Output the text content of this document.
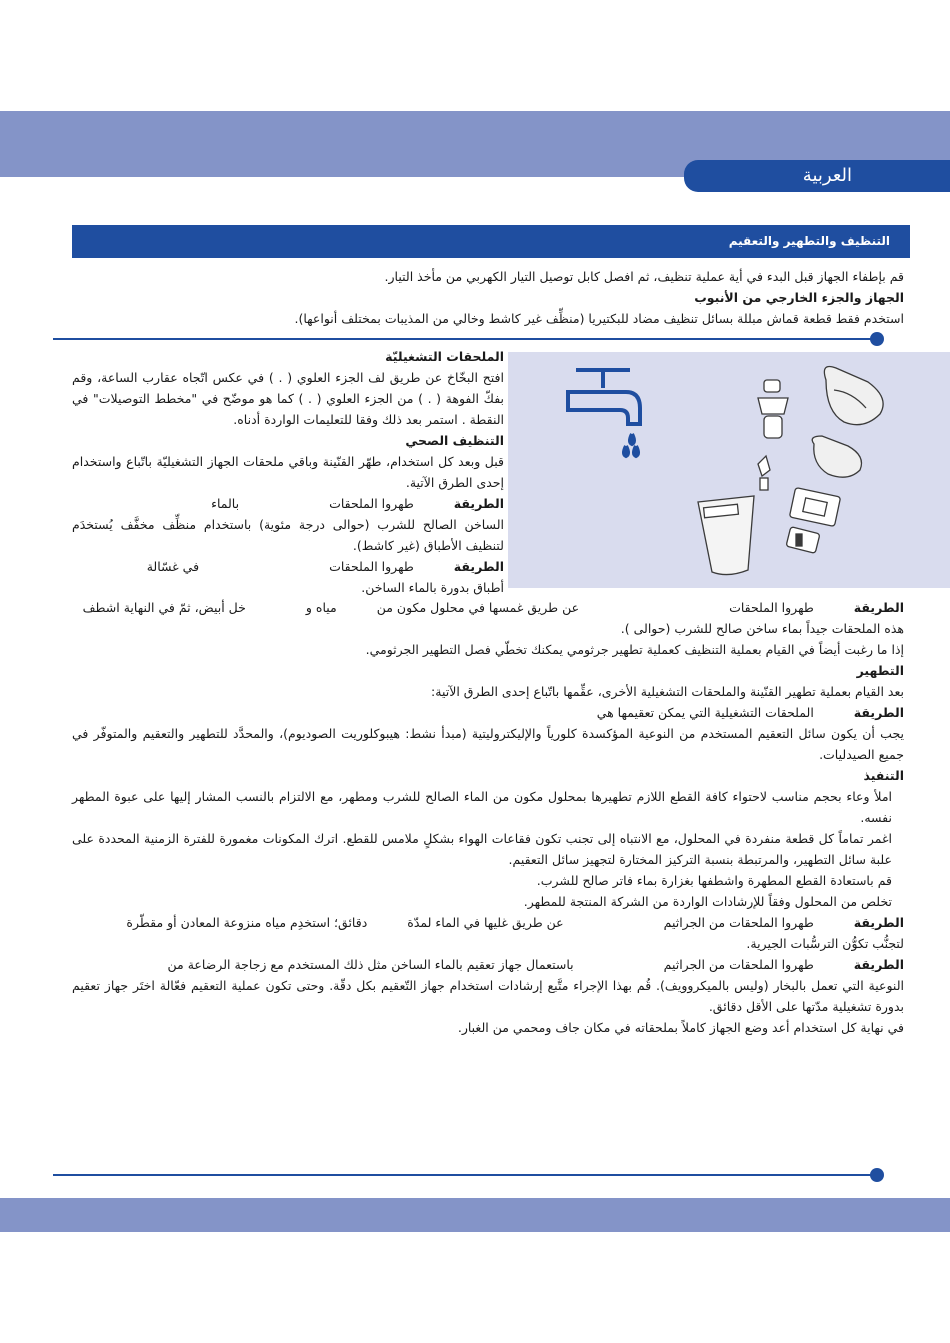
العربية
التنظيف والتطهير والتعقيم

قم بإطفاء الجهاز قبل البدء في أية عملية تنظيف، ثم افصل كابل توصيل التيار الكهربي من مأخذ التيار.

الجهاز والجزء الخارجي من الأنبوب

استخدم فقط قطعة قماش مبللة بسائل تنظيف مضاد للبكتيريا (منظِّف غير كاشط وخالي من المذيبات بمختلف أنواعها).

الملحقات التشغيليّة

افتح البخّاخ عن طريق لف الجزء العلوي ( . ) في عكس اتّجاه عقارب الساعة، وقم بفكّ الفوهة ( . ) من الجزء العلوي ( . ) كما هو موضّح في "مخطط التوصيلات" في النقطة . استمر بعد ذلك وفقا للتعليمات الواردة أدناه.

التنظيف الصحي

قبل وبعد كل استخدام، طهّر القنّينة وباقي ملحقات الجهاز التشغيليّة باتّباع واستخدام إحدى الطرق الآتية.

الطريقةطهروا الملحقاتبالماء

الساخن الصالح للشرب (حوالى درجة مئوية) باستخدام منظِّف مخفَّف يُستخدَم لتنظيف الأطباق (غير كاشط).

الطريقةطهروا الملحقاتفي غسّالة

أطباق بدورة بالماء الساخن.

الطريقةطهروا الملحقاتعن طريق غمسها في محلول مكون منمياه وخل أبيض، ثمّ في النهاية اشطف

هذه الملحقات جيداً بماء ساخن صالح للشرب (حوالى ).

إذا ما رغبت أيضاً في القيام بعملية التنظيف كعملية تطهير جرثومي يمكنك تخطّي فصل التطهير الجرثومي.

التطهير

بعد القيام بعملية تطهير القنّينة والملحقات التشغيلية الأخرى، عقِّمها باتّباع إحدى الطرق الآتية:

الطريقةالملحقات التشغيلية التي يمكن تعقيمها هي

يجب أن يكون سائل التعقيم المستخدم من النوعية المؤكسدة كلورياً والإليكتروليتية (مبدأ نشط: هيبوكلوريت الصوديوم)، والمحدَّد للتطهير والتعقيم والمتوفّر في جميع الصيدليات.

التنفيذ

املأ وعاء بحجم مناسب لاحتواء كافة القطع اللازم تطهيرها بمحلول مكون من الماء الصالح للشرب ومطهر، مع الالتزام بالنسب المشار إليها على عبوة المطهر نفسه.

اغمر تماماً كل قطعة منفردة في المحلول، مع الانتباه إلى تجنب تكون فقاعات الهواء بشكلٍ ملامس للقطع. اترك المكونات مغمورة للفترة الزمنية المحددة على علبة سائل التطهير، والمرتبطة بنسبة التركيز المختارة لتجهيز سائل التعقيم.

قم باستعادة القطع المطهرة واشطفها بغزارة بماء فاتر صالح للشرب.

تخلص من المحلول وفقاً للإرشادات الواردة من الشركة المنتجة للمطهر.

الطريقةطهروا الملحقات من الجراثيمعن طريق غليها في الماء لمدّةدقائق؛ استخدِم مياه منزوعة المعادن أو مقطّرة

لتجنُّب تكوُّن الترسُّبات الجيرية.

الطريقةطهروا الملحقات من الجراثيمباستعمال جهاز تعقيم بالماء الساخن مثل ذلك المستخدم مع زجاجة الرضاعة من

النوعية التي تعمل بالبخار (وليس بالميكروويف). قُم بهذا الإجراء متَّبع إرشادات استخدام جهاز التّعقيم بكل دقّة. وحتى تكون عملية التعقيم فعّالة اختَر جهاز تعقيم بدورة تشغيلية مدّتها على الأقل دقائق.

في نهاية كل استخدام أعد وضع الجهاز كاملاً بملحقاته في مكان جاف ومحمي من الغبار.
